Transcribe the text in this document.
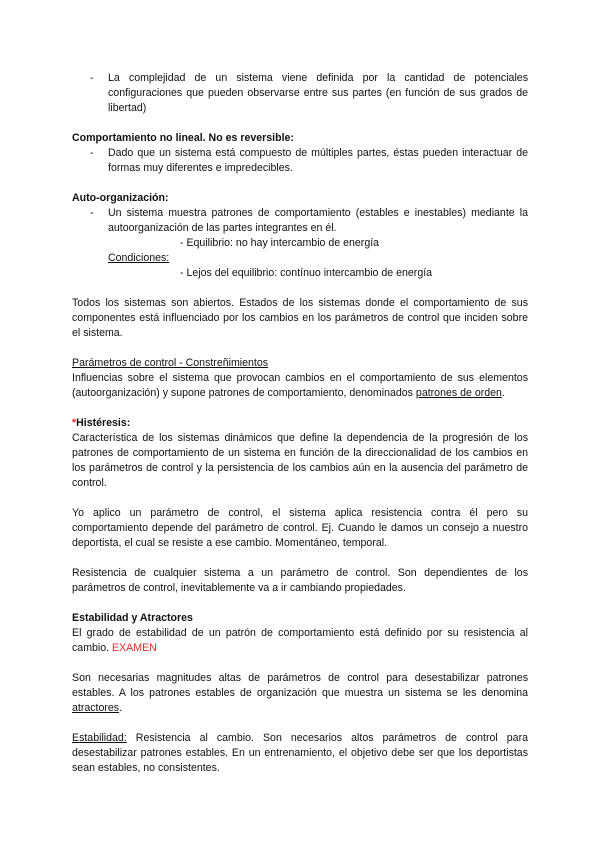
- La complejidad de un sistema viene definida por la cantidad de potenciales configuraciones que pueden observarse entre sus partes (en función de sus grados de libertad)

Comportamiento no lineal. No es reversible:

- Dado que un sistema está compuesto de múltiples partes, éstas pueden interactuar de formas muy diferentes e impredecibles.

Auto-organización:

- Un sistema muestra patrones de comportamiento (estables e inestables) mediante la autoorganización de las partes integrantes en él.

- Equilibrio: no hay intercambio de energía

Condiciones:

- Lejos del equilibrio: contínuo intercambio de energía

Todos los sistemas son abiertos. Estados de los sistemas donde el comportamiento de sus componentes está influenciado por los cambios en los parámetros de control que inciden sobre el sistema.

Parámetros de control - Constreñimientos

Influencias sobre el sistema que provocan cambios en el comportamiento de sus elementos (autoorganización) y supone patrones de comportamiento, denominados patrones de orden.

*Histéresis:

Característica de los sistemas dinámicos que define la dependencia de la progresión de los patrones de comportamiento de un sistema en función de la direccionalidad de los cambios en los parámetros de control y la persistencia de los cambios aún en la ausencia del parámetro de control.

Yo aplico un parámetro de control, el sistema aplica resistencia contra él pero su comportamiento depende del parámetro de control. Ej. Cuando le damos un consejo a nuestro deportista, el cual se resiste a ese cambio. Momentáneo, temporal.

Resistencia de cualquier sistema a un parámetro de control. Son dependientes de los parámetros de control, inevitablemente va a ir cambiando propiedades.

Estabilidad y Atractores

El grado de estabilidad de un patrón de comportamiento está definido por su resistencia al cambio. EXAMEN

Son necesarias magnitudes altas de parámetros de control para desestabilizar patrones estables. A los patrones estables de organización que muestra un sistema se les denomina atractores.

Estabilidad: Resistencia al cambio. Son necesarios altos parámetros de control para desestabilizar patrones estables. En un entrenamiento, el objetivo debe ser que los deportistas sean estables, no consistentes.
